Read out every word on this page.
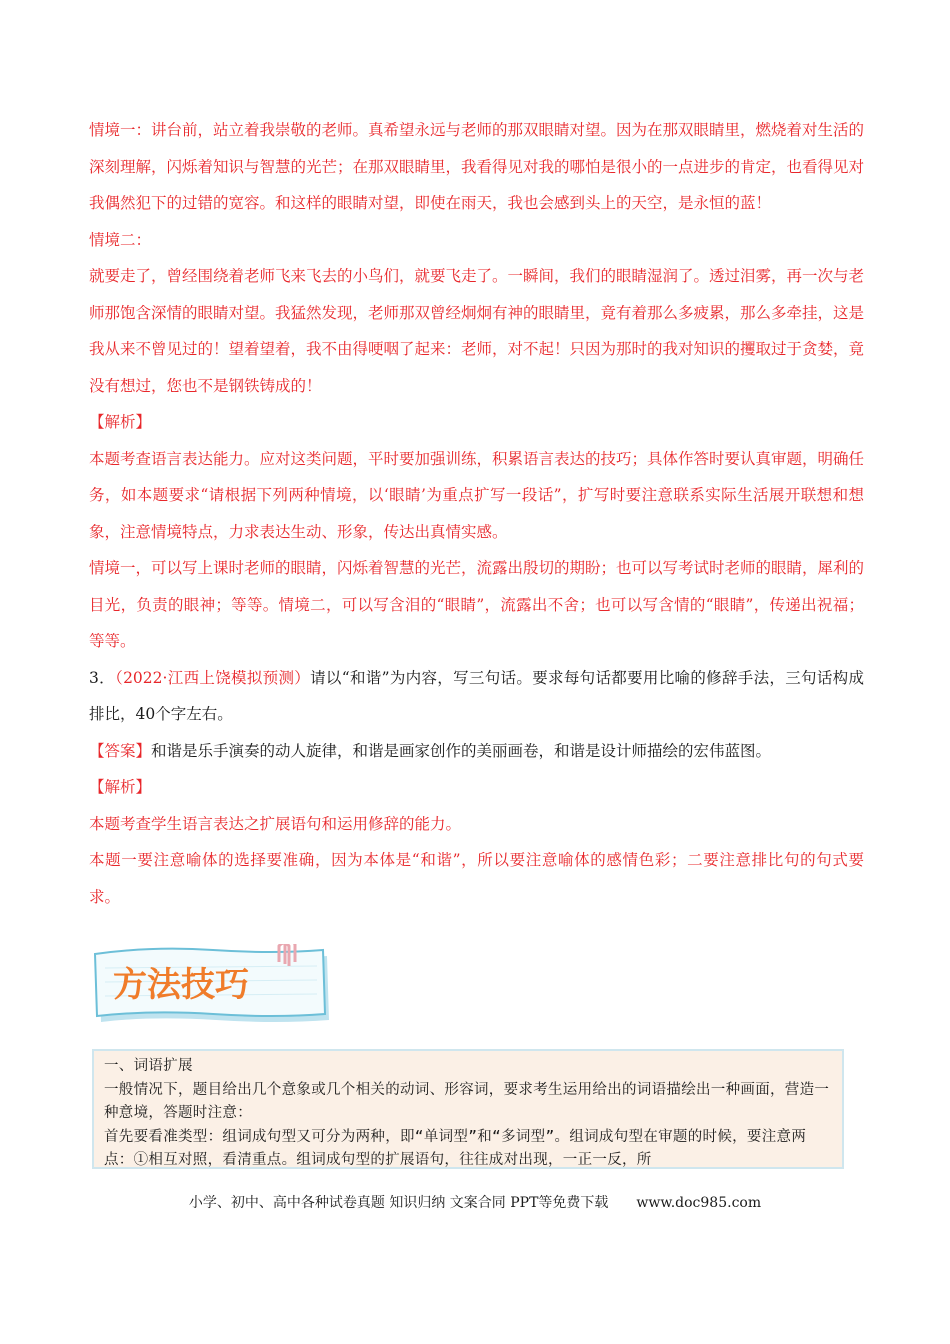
情境一：讲台前，站立着我崇敬的老师。真希望永远与老师的那双眼睛对望。因为在那双眼睛里，燃烧着对生活的深刻理解，闪烁着知识与智慧的光芒；在那双眼睛里，我看得见对我的哪怕是很小的一点进步的肯定，也看得见对我偶然犯下的过错的宽容。和这样的眼睛对望，即使在雨天，我也会感到头上的天空，是永恒的蓝！

情境二：

就要走了，曾经围绕着老师飞来飞去的小鸟们，就要飞走了。一瞬间，我们的眼睛湿润了。透过泪雾，再一次与老师那饱含深情的眼睛对望。我猛然发现，老师那双曾经炯炯有神的眼睛里，竟有着那么多疲累，那么多牵挂，这是我从来不曾见过的！望着望着，我不由得哽咽了起来：老师，对不起！只因为那时的我对知识的攫取过于贪婪，竟没有想过，您也不是钢铁铸成的！

【解析】

本题考查语言表达能力。应对这类问题，平时要加强训练，积累语言表达的技巧；具体作答时要认真审题，明确任务，如本题要求“请根据下列两种情境，以‘眼睛’为重点扩写一段话”，扩写时要注意联系实际生活展开联想和想象，注意情境特点，力求表达生动、形象，传达出真情实感。

情境一，可以写上课时老师的眼睛，闪烁着智慧的光芒，流露出殷切的期盼；也可以写考试时老师的眼睛，犀利的目光，负责的眼神；等等。情境二，可以写含泪的“眼睛”，流露出不舍；也可以写含情的“眼睛”，传递出祝福；等等。

3．（2022·江西上饶模拟预测）请以“和谐”为内容，写三句话。要求每句话都要用比喻的修辞手法，三句话构成排比，40个字左右。

【答案】和谐是乐手演奏的动人旋律，和谐是画家创作的美丽画卷，和谐是设计师描绘的宏伟蓝图。

【解析】

本题考查学生语言表达之扩展语句和运用修辞的能力。

本题一要注意喻体的选择要准确，因为本体是“和谐”，所以要注意喻体的感情色彩；二要注意排比句的句式要求。

方法技巧

一、词语扩展

一般情况下，题目给出几个意象或几个相关的动词、形容词，要求考生运用给出的词语描绘出一种画面，营造一种意境，答题时注意：

首先要看准类型：组词成句型又可分为两种，即“单词型”和“多词型”。组词成句型在审题的时候，要注意两点：①相互对照，看清重点。组词成句型的扩展语句，往往成对出现，一正一反，所

小学、初中、高中各种试卷真题 知识归纳 文案合同 PPT等免费下载 www.doc985.com
